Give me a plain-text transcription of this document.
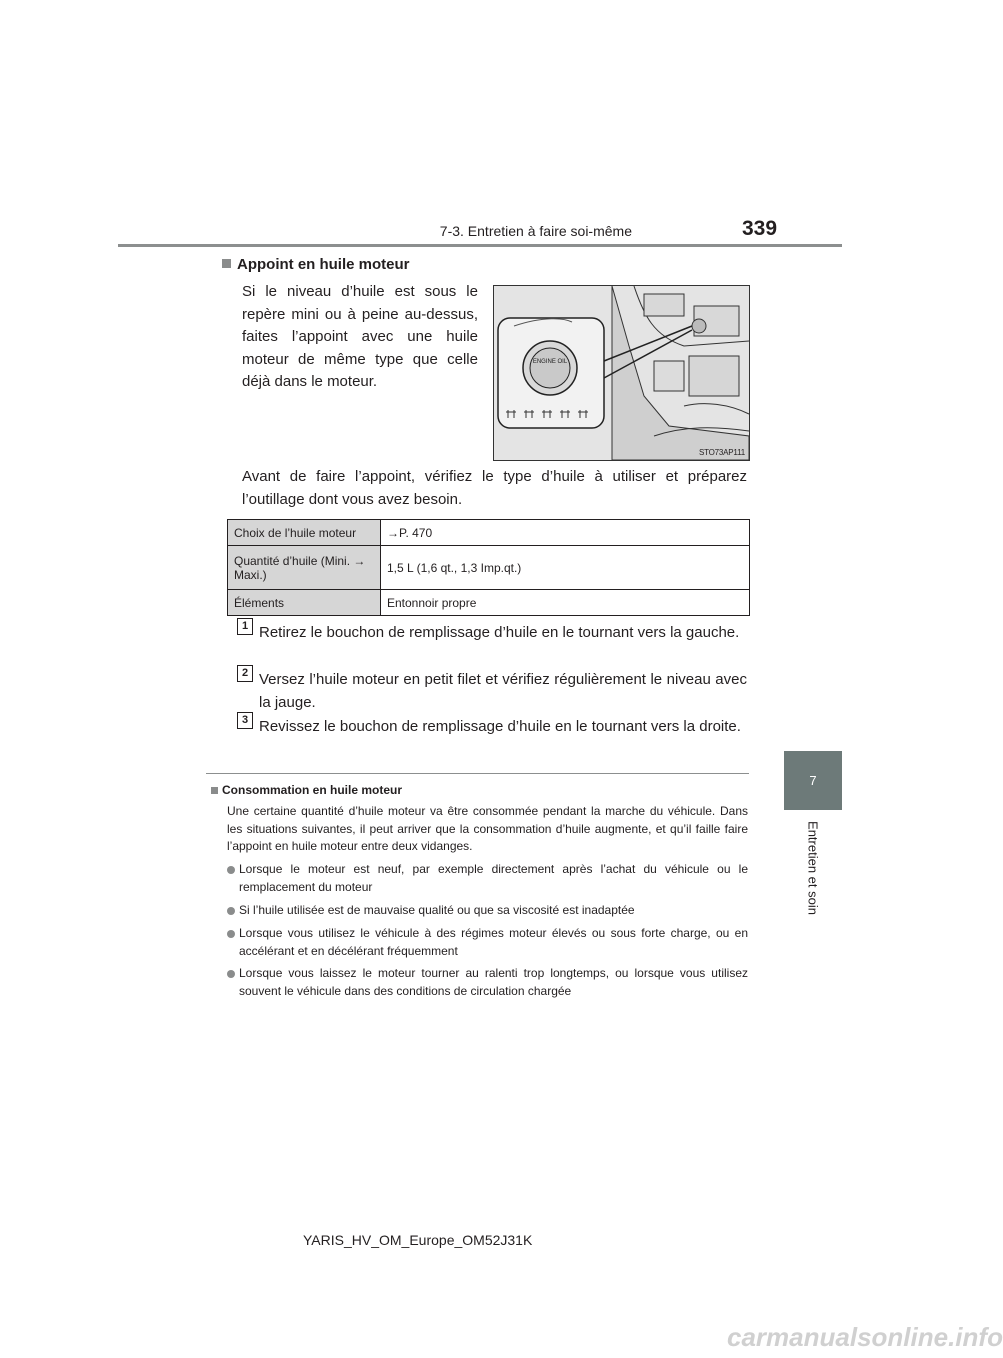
7-3. Entretien à faire soi-même	339
7
Entretien et soin
Appoint en huile moteur
Si le niveau d’huile est sous le repère mini ou à peine au-dessus, faites l’appoint avec une huile moteur de même type que celle déjà dans le moteur.
ENGINE OIL
STO73AP111
Avant de faire l’appoint, vérifiez le type d’huile à utiliser et préparez l’outillage dont vous avez besoin.
Choix de l’huile moteur	→P. 470
Quantité d’huile (Mini. → Maxi.)	1,5 L (1,6 qt., 1,3 Imp.qt.)
Éléments	Entonnoir propre
1 Retirez le bouchon de remplissage d’huile en le tournant vers la gauche.
2 Versez l’huile moteur en petit filet et vérifiez régulièrement le niveau avec la jauge.
3 Revissez le bouchon de remplissage d’huile en le tournant vers la droite.
Consommation en huile moteur
Une certaine quantité d’huile moteur va être consommée pendant la marche du véhicule. Dans les situations suivantes, il peut arriver que la consommation d’huile augmente, et qu’il faille faire l’appoint en huile moteur entre deux vidanges.
Lorsque le moteur est neuf, par exemple directement après l’achat du véhicule ou le remplacement du moteur
Si l’huile utilisée est de mauvaise qualité ou que sa viscosité est inadaptée
Lorsque vous utilisez le véhicule à des régimes moteur élevés ou sous forte charge, ou en accélérant et en décélérant fréquemment
Lorsque vous laissez le moteur tourner au ralenti trop longtemps, ou lorsque vous utilisez souvent le véhicule dans des conditions de circulation chargée
YARIS_HV_OM_Europe_OM52J31K
carmanualsonline.info
